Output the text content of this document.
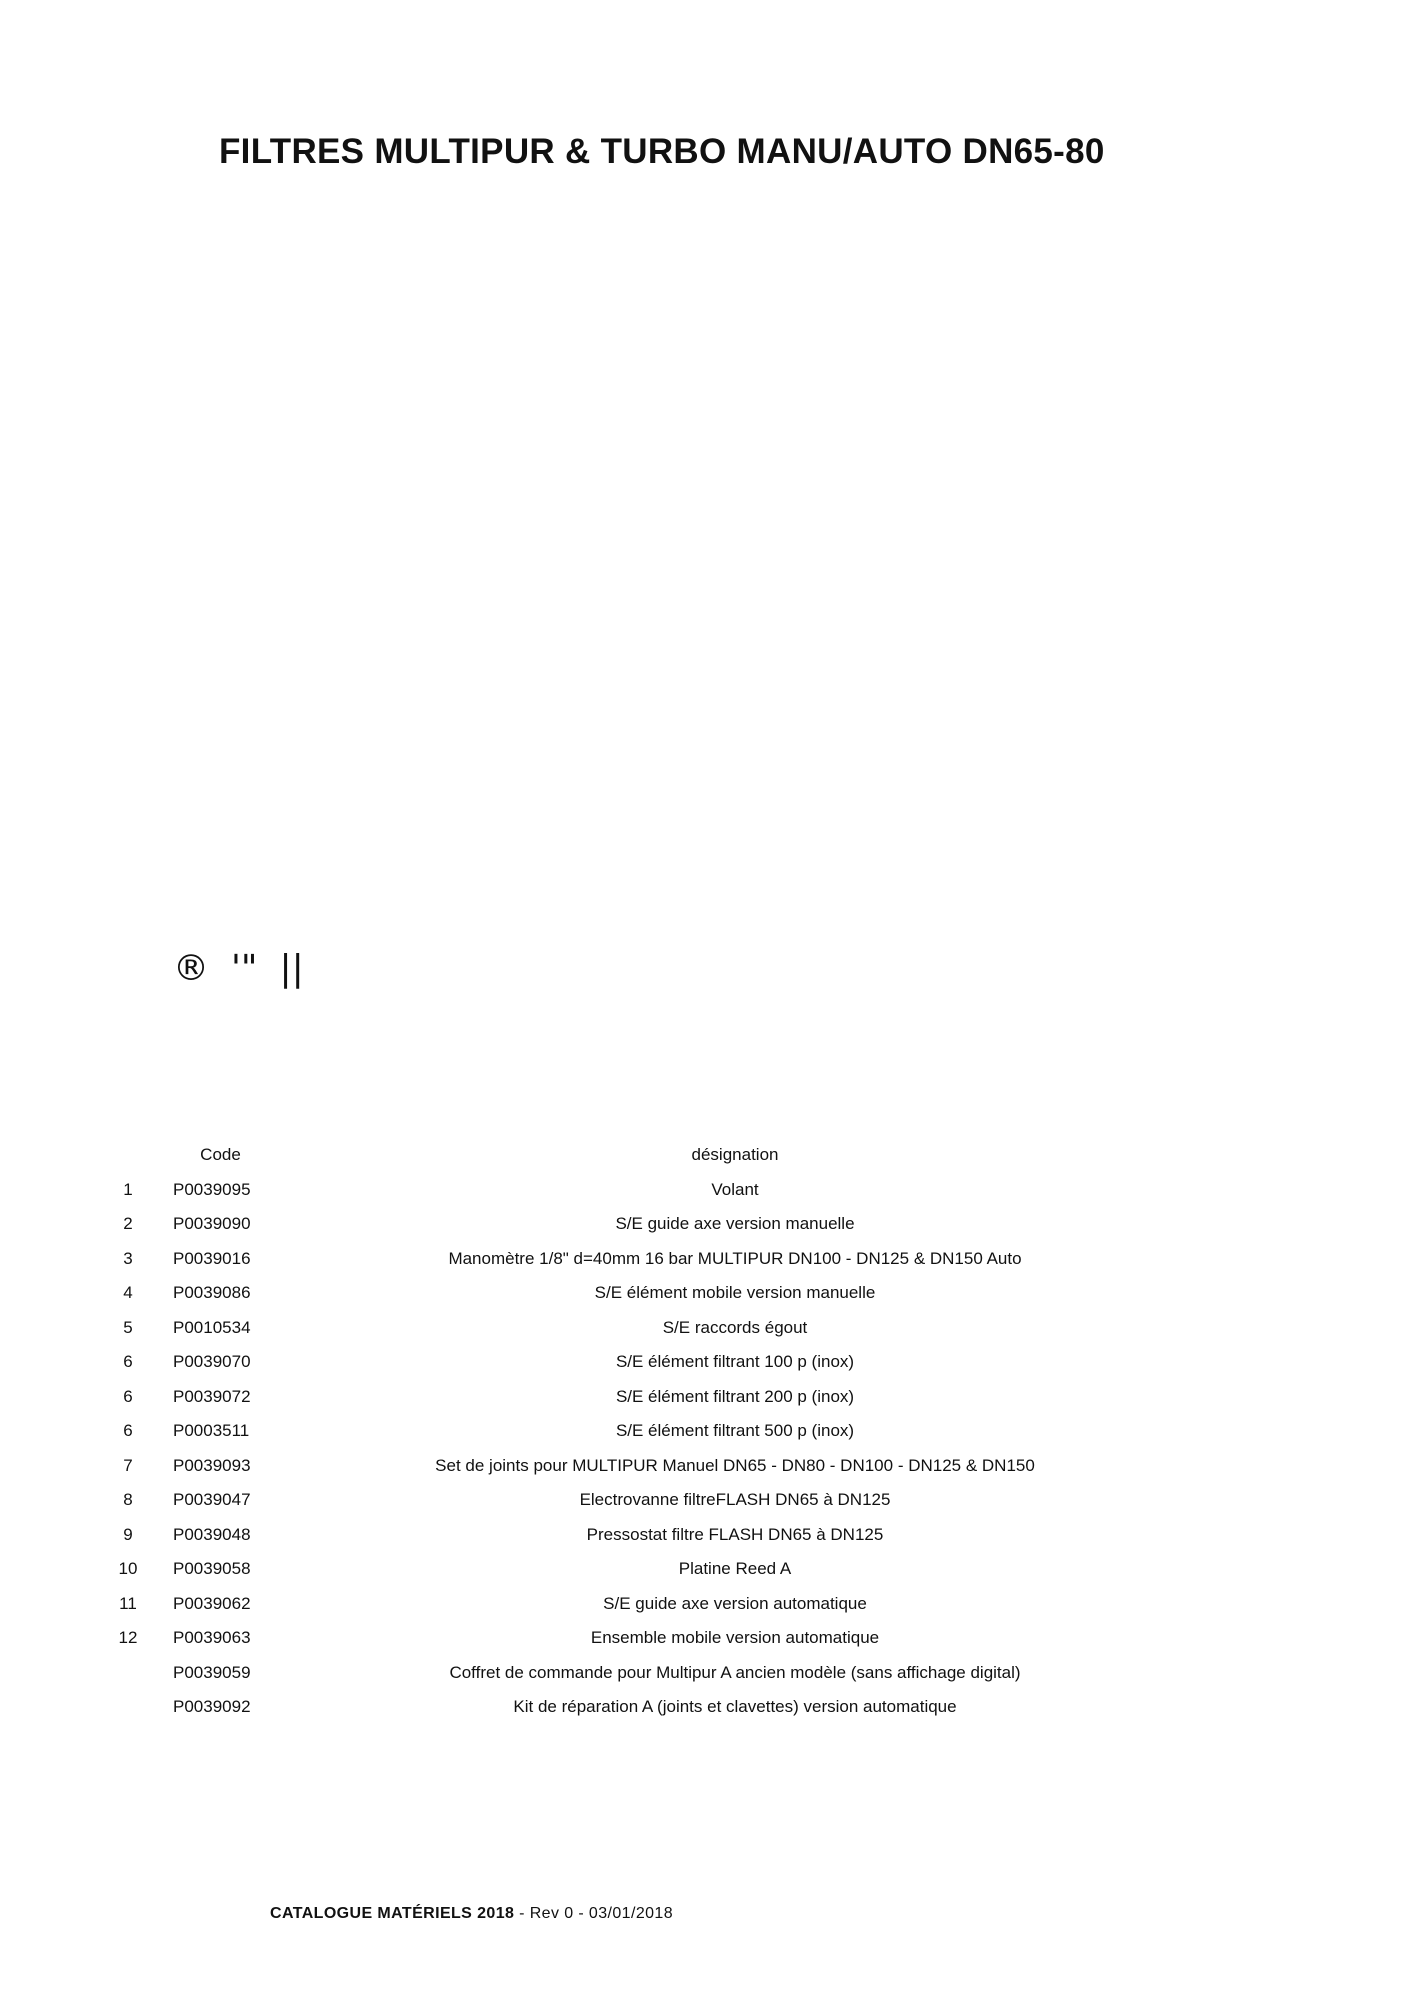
FILTRES MULTIPUR & TURBO MANU/AUTO DN65-80
® '" ||
	Code	désignation
1	P0039095	Volant
2	P0039090	S/E guide axe version manuelle
3	P0039016	Manomètre 1/8" d=40mm 16 bar MULTIPUR DN100 - DN125 & DN150 Auto
4	P0039086	S/E élément mobile version manuelle
5	P0010534	S/E raccords égout
6	P0039070	S/E élément filtrant 100 p (inox)
6	P0039072	S/E élément filtrant 200 p (inox)
6	P0003511	S/E élément filtrant 500 p (inox)
7	P0039093	Set de joints pour MULTIPUR Manuel DN65 - DN80 - DN100 - DN125 & DN150
8	P0039047	Electrovanne filtreFLASH DN65 à DN125
9	P0039048	Pressostat filtre FLASH DN65 à DN125
10	P0039058	Platine Reed A
11	P0039062	S/E guide axe version automatique
12	P0039063	Ensemble mobile version automatique
	P0039059	Coffret de commande pour Multipur A ancien modèle (sans affichage digital)
	P0039092	Kit de réparation A (joints et clavettes) version automatique
CATALOGUE MATÉRIELS 2018 - Rev 0 - 03/01/2018
